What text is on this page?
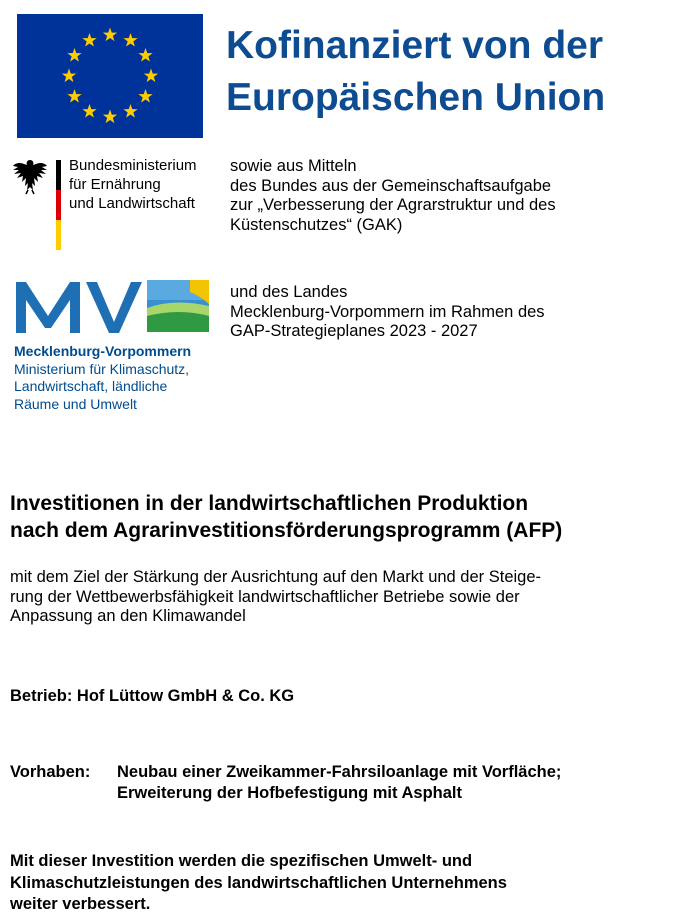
Kofinanziert von der
Europäischen Union
Bundesministerium
für Ernährung
und Landwirtschaft
sowie aus Mitteln
des Bundes aus der Gemeinschaftsaufgabe
zur „Verbesserung der Agrarstruktur und des
Küstenschutzes“ (GAK)
Mecklenburg-Vorpommern
Ministerium für Klimaschutz,
Landwirtschaft, ländliche
Räume und Umwelt
und des Landes
Mecklenburg-Vorpommern im Rahmen des
GAP-Strategieplanes 2023 - 2027
Investitionen in der landwirtschaftlichen Produktion
nach dem Agrarinvestitionsförderungsprogramm (AFP)
mit dem Ziel der Stärkung der Ausrichtung auf den Markt und der Steige-
rung der Wettbewerbsfähigkeit landwirtschaftlicher Betriebe sowie der
Anpassung an den Klimawandel
Betrieb: Hof Lüttow GmbH & Co. KG
Vorhaben: Neubau einer Zweikammer-Fahrsiloanlage mit Vorfläche;
Erweiterung der Hofbefestigung mit Asphalt
Mit dieser Investition werden die spezifischen Umwelt- und
Klimaschutzleistungen des landwirtschaftlichen Unternehmens
weiter verbessert.
